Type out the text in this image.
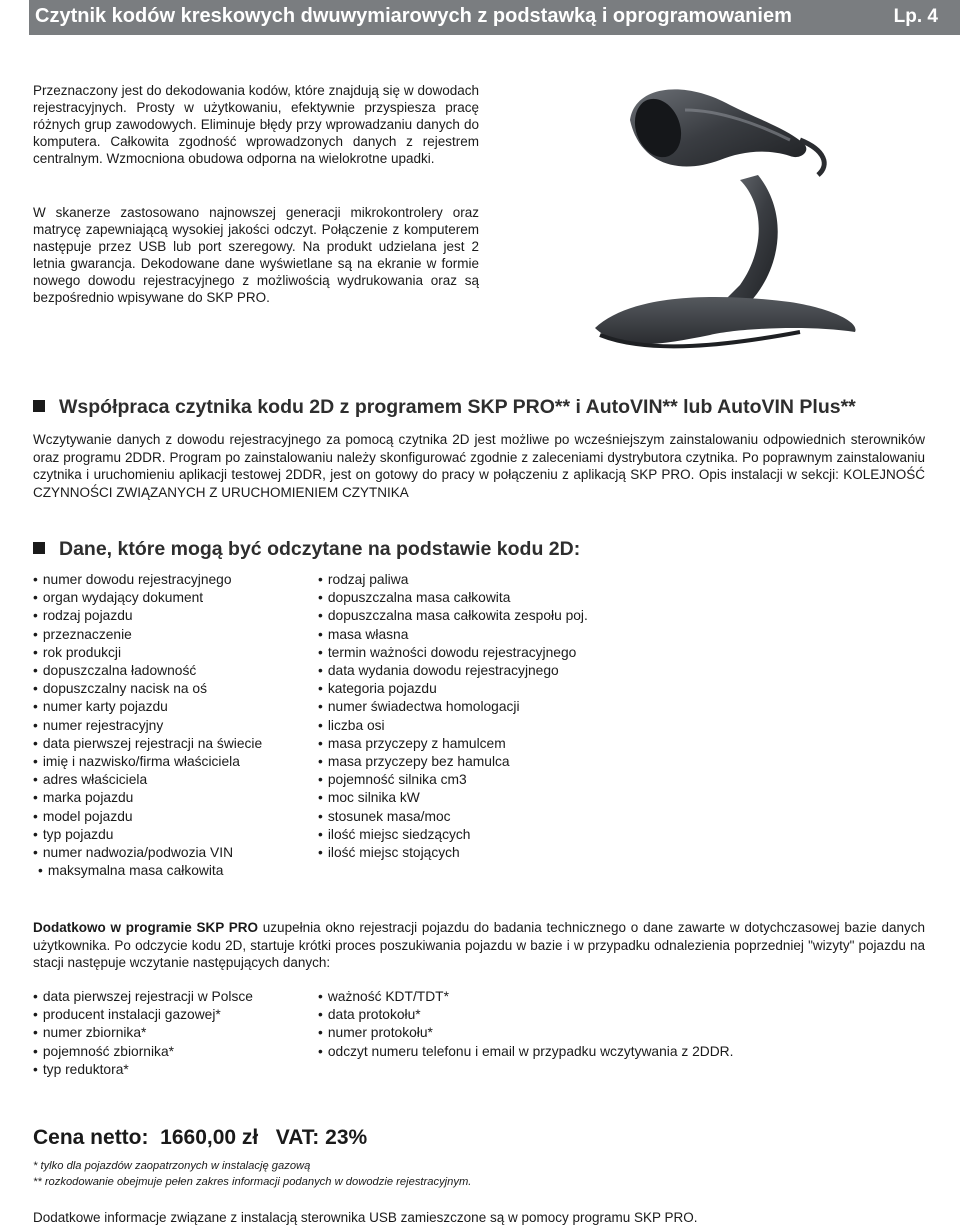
Czytnik kodów kreskowych dwuwymiarowych z podstawką i oprogramowaniem	Lp. 4

Przeznaczony jest do dekodowania kodów, które znajdują się w dowodach rejestracyjnych. Prosty w użytkowaniu, efektywnie przyspiesza pracę różnych grup zawodowych. Eliminuje błędy przy wprowadzaniu danych do komputera. Całkowita zgodność wprowadzonych danych z rejestrem centralnym. Wzmocniona obudowa odporna na wielokrotne upadki.

W skanerze zastosowano najnowszej generacji mikrokontrolery oraz matrycę zapewniającą wysokiej jakości odczyt. Połączenie z komputerem następuje przez USB lub port szeregowy. Na produkt udzielana jest 2 letnia gwarancja. Dekodowane dane wyświetlane są na ekranie w formie nowego dowodu rejestracyjnego z możliwością wydrukowania oraz są bezpośrednio wpisywane do SKP PRO.

Współpraca czytnika kodu 2D z programem SKP PRO** i AutoVIN** lub AutoVIN Plus**

Wczytywanie danych z dowodu rejestracyjnego za pomocą czytnika 2D jest możliwe po wcześniejszym zainstalowaniu odpowiednich sterowników oraz programu 2DDR. Program po zainstalowaniu należy skonfigurować zgodnie z zaleceniami dystrybutora czytnika. Po poprawnym zainstalowaniu czytnika i uruchomieniu aplikacji testowej 2DDR, jest on gotowy do pracy w połączeniu z aplikacją SKP PRO. Opis instalacji w sekcji: KOLEJNOŚĆ CZYNNOŚCI ZWIĄZANYCH Z URUCHOMIENIEM CZYTNIKA

Dane, które mogą być odczytane na podstawie kodu 2D:
• numer dowodu rejestracyjnego
• organ wydający dokument
• rodzaj pojazdu
• przeznaczenie
• rok produkcji
• dopuszczalna ładowność
• dopuszczalny nacisk na oś
• numer karty pojazdu
• numer rejestracyjny
• data pierwszej rejestracji na świecie
• imię i nazwisko/firma właściciela
• adres właściciela
• marka pojazdu
• model pojazdu
• typ pojazdu
• numer nadwozia/podwozia VIN
• maksymalna masa całkowita
• rodzaj paliwa
• dopuszczalna masa całkowita
• dopuszczalna masa całkowita zespołu poj.
• masa własna
• termin ważności dowodu rejestracyjnego
• data wydania dowodu rejestracyjnego
• kategoria pojazdu
• numer świadectwa homologacji
• liczba osi
• masa przyczepy z hamulcem
• masa przyczepy bez hamulca
• pojemność silnika cm3
• moc silnika kW
• stosunek masa/moc
• ilość miejsc siedzących
• ilość miejsc stojących

Dodatkowo w programie SKP PRO uzupełnia okno rejestracji pojazdu do badania technicznego o dane zawarte w dotychczasowej bazie danych użytkownika. Po odczycie kodu 2D, startuje krótki proces poszukiwania pojazdu w bazie i w przypadku odnalezienia poprzedniej "wizyty" pojazdu na stacji następuje wczytanie następujących danych:

• data pierwszej rejestracji w Polsce
• producent instalacji gazowej*
• numer zbiornika*
• pojemność zbiornika*
• typ reduktora*
• ważność KDT/TDT*
• data protokołu*
• numer protokołu*
• odczyt numeru telefonu i email w przypadku wczytywania z 2DDR.
Cena netto:  1660,00 zł   VAT: 23%
* tylko dla pojazdów zaopatrzonych w instalację gazową
** rozkodowanie obejmuje pełen zakres informacji podanych w dowodzie rejestracyjnym.
Dodatkowe informacje związane z instalacją sterownika USB zamieszczone są w pomocy programu SKP PRO.
